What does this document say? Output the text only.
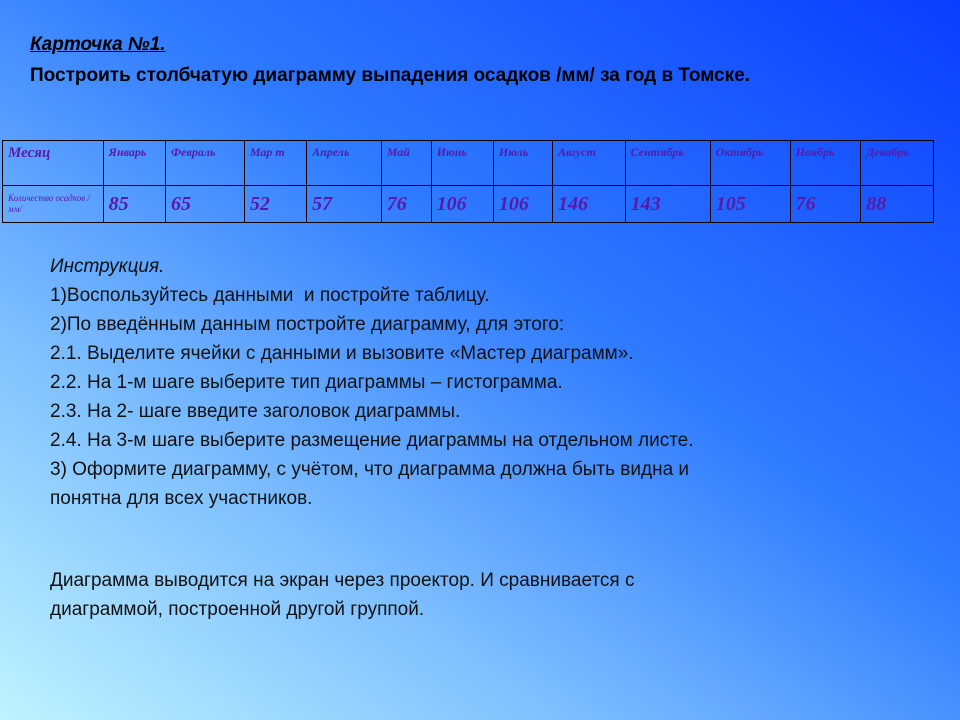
Карточка №1.
Построить столбчатую диаграмму выпадения осадков /мм/ за год в Томске.
Месяц	Январь	Февраль	Мар т	Апрель	Май	Июнь	Июль	Август	Сентябрь	Октябрь	Ноябрь	Декабрь
Количество осадков /мм/	85	65	52	57	76	106	106	146	143	105	76	88
Инструкция.
1)Воспользуйтесь данными  и постройте таблицу.
2)По введённым данным постройте диаграмму, для этого:
2.1. Выделите ячейки с данными и вызовите «Мастер диаграмм».
2.2. На 1-м шаге выберите тип диаграммы – гистограмма.
2.3. На 2- шаге введите заголовок диаграммы.
2.4. На 3-м шаге выберите размещение диаграммы на отдельном листе.
3) Оформите диаграмму, с учётом, что диаграмма должна быть видна и
понятна для всех участников.
Диаграмма выводится на экран через проектор. И сравнивается с
диаграммой, построенной другой группой.
